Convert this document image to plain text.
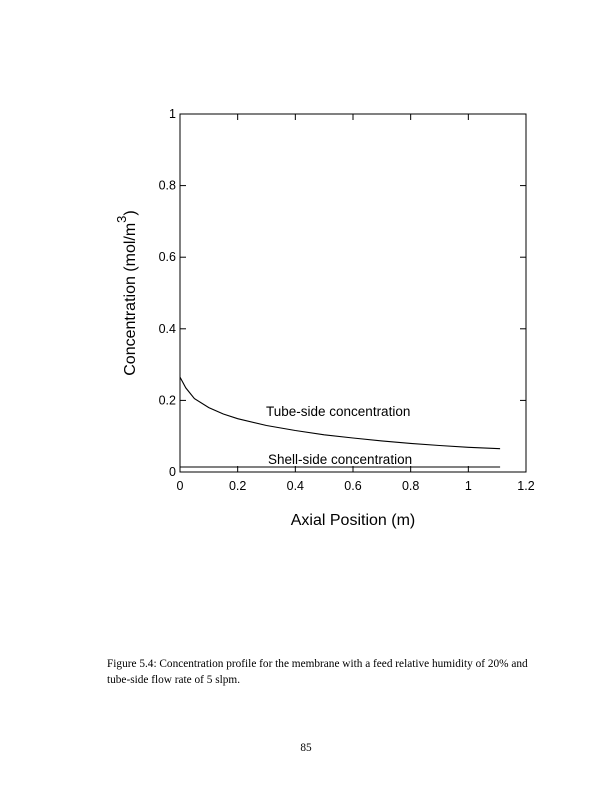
0	0.2	0.4	0.6	0.8	1	1.2
0
0.2
0.4
0.6
0.8
1
Tube-side concentration
Shell-side concentration
Axial Position (m)
Concentration $(mol/m^3)$
Figure 5.4: Concentration profile for the membrane with a feed relative humidity of 20% and tube-side flow rate of 5 slpm.
85
